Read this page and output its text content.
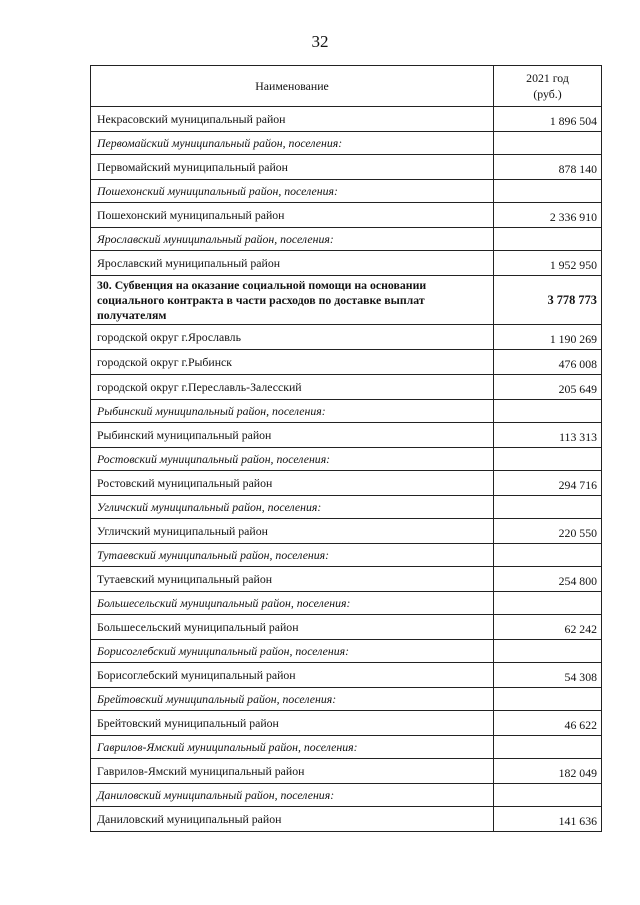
32
Наименование	2021 год
(руб.)

Некрасовский муниципальный район	1 896 504
Первомайский муниципальный район, поселения:	
Первомайский муниципальный район	878 140
Пошехонский муниципальный район, поселения:	
Пошехонский муниципальный район	2 336 910
Ярославский муниципальный район, поселения:	
Ярославский муниципальный район	1 952 950
30. Субвенция на оказание социальной помощи на основании социального контракта в части расходов по доставке выплат получателям	3 778 773
городской округ г.Ярославль	1 190 269
городской округ г.Рыбинск	476 008
городской округ г.Переславль-Залесский	205 649
Рыбинский муниципальный район, поселения:	
Рыбинский муниципальный район	113 313
Ростовский муниципальный район, поселения:	
Ростовский муниципальный район	294 716
Угличский муниципальный район, поселения:	
Угличский муниципальный район	220 550
Тутаевский муниципальный район, поселения:	
Тутаевский муниципальный район	254 800
Большесельский муниципальный район, поселения:	
Большесельский муниципальный район	62 242
Борисоглебский муниципальный район, поселения:	
Борисоглебский муниципальный район	54 308
Брейтовский муниципальный район, поселения:	
Брейтовский муниципальный район	46 622
Гаврилов-Ямский муниципальный район, поселения:	
Гаврилов-Ямский муниципальный район	182 049
Даниловский муниципальный район, поселения:	
Даниловский муниципальный район	141 636
